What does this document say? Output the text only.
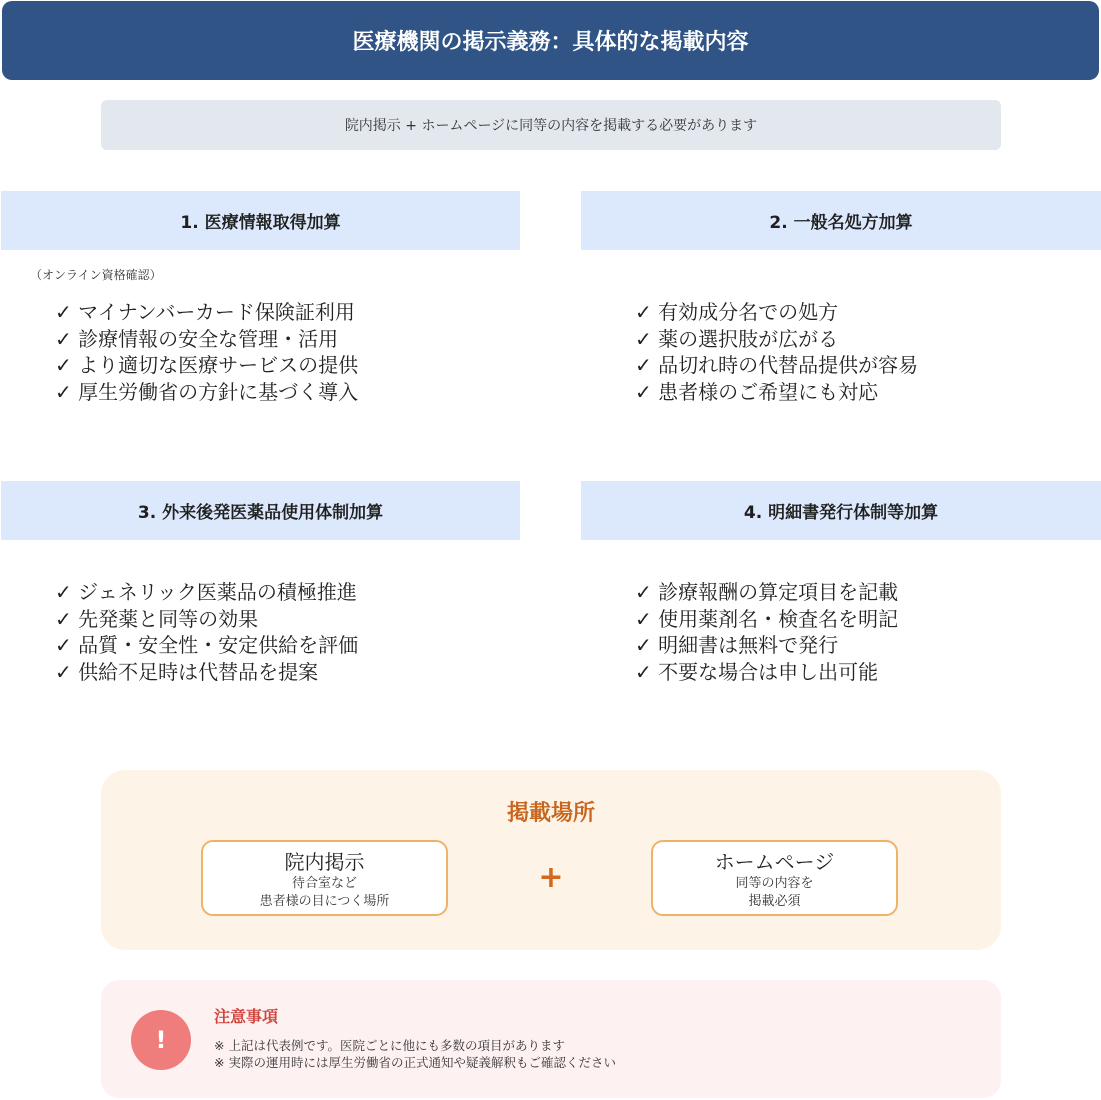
医療機関の掲示義務：具体的な掲載内容
院内掲示 + ホームページに同等の内容を掲載する必要があります
1. 医療情報取得加算
（オンライン資格確認）
✓ マイナンバーカード保険証利用
✓ 診療情報の安全な管理・活用
✓ より適切な医療サービスの提供
✓ 厚生労働省の方針に基づく導入
2. 一般名処方加算
✓ 有効成分名での処方
✓ 薬の選択肢が広がる
✓ 品切れ時の代替品提供が容易
✓ 患者様のご希望にも対応
3. 外来後発医薬品使用体制加算
✓ ジェネリック医薬品の積極推進
✓ 先発薬と同等の効果
✓ 品質・安全性・安定供給を評価
✓ 供給不足時は代替品を提案
4. 明細書発行体制等加算
✓ 診療報酬の算定項目を記載
✓ 使用薬剤名・検査名を明記
✓ 明細書は無料で発行
✓ 不要な場合は申し出可能
掲載場所
院内掲示
待合室など
患者様の目につく場所
+	ホームページ
同等の内容を
掲載必須
!
注意事項
※ 上記は代表例です。医院ごとに他にも多数の項目があります
※ 実際の運用時には厚生労働省の正式通知や疑義解釈もご確認ください
